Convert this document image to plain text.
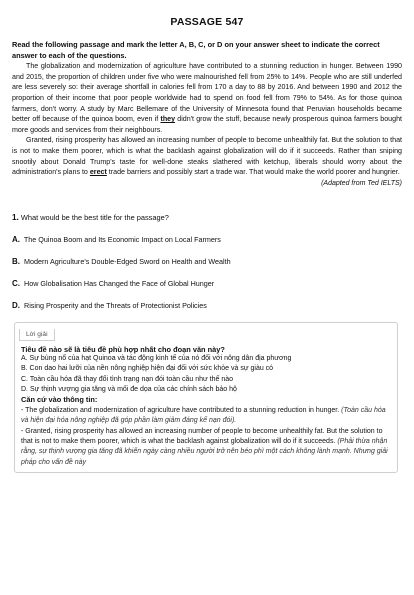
PASSAGE 547
Read the following passage and mark the letter A, B, C, or D on your answer sheet to indicate the correct answer to each of the questions.

The globalization and modernization of agriculture have contributed to a stunning reduction in hunger. Between 1990 and 2015, the proportion of children under five who were malnourished fell from 25% to 14%. People who are still underfed are less severely so: their average shortfall in calories fell from 170 a day to 88 by 2016. And between 1990 and 2012 the proportion of their income that poor people worldwide had to spend on food fell from 79% to 54%. As for those quinoa farmers, don't worry. A study by Marc Bellemare of the University of Minnesota found that Peruvian households became better off because of the quinoa boom, even if they didn't grow the stuff, because newly prosperous quinoa farmers bought more goods and services from their neighbours.

Granted, rising prosperity has allowed an increasing number of people to become unhealthily fat. But the solution to that is not to make them poorer, which is what the backlash against globalization will do if it succeeds. Rather than sniping snootily about Donald Trump's taste for well-done steaks slathered with ketchup, liberals should worry about the administration's plans to erect trade barriers and possibly start a trade war. That would make the world poorer and hungrier.

(Adapted from Ted IELTS)
1. What would be the best title for the passage?
A. The Quinoa Boom and Its Economic Impact on Local Farmers
B. Modern Agriculture's Double-Edged Sword on Health and Wealth
C. How Globalisation Has Changed the Face of Global Hunger
D. Rising Prosperity and the Threats of Protectionist Policies
Lời giải
Tiêu đề nào sẽ là tiêu đề phù hợp nhất cho đoạn văn này?
A. Sự bùng nổ của hạt Quinoa và tác động kinh tế của nó đối với nông dân địa phương
B. Con dao hai lưỡi của nền nông nghiệp hiện đại đối với sức khỏe và sự giàu có
C. Toàn cầu hóa đã thay đổi tình trạng nạn đói toàn cầu như thế nào
D. Sự thịnh vượng gia tăng và mối đe dọa của các chính sách bảo hộ
Căn cứ vào thông tin:
- The globalization and modernization of agriculture have contributed to a stunning reduction in hunger. (Toàn cầu hóa và hiện đại hóa nông nghiệp đã góp phần làm giảm đáng kể nạn đói).
- Granted, rising prosperity has allowed an increasing number of people to become unhealthily fat. But the solution to that is not to make them poorer, which is what the backlash against globalization will do if it succeeds. (Phải thừa nhận rằng, sự thịnh vượng gia tăng đã khiến ngày càng nhiều người trở nên béo phì một cách không lành mạnh. Nhưng giải pháp cho vấn đề này
